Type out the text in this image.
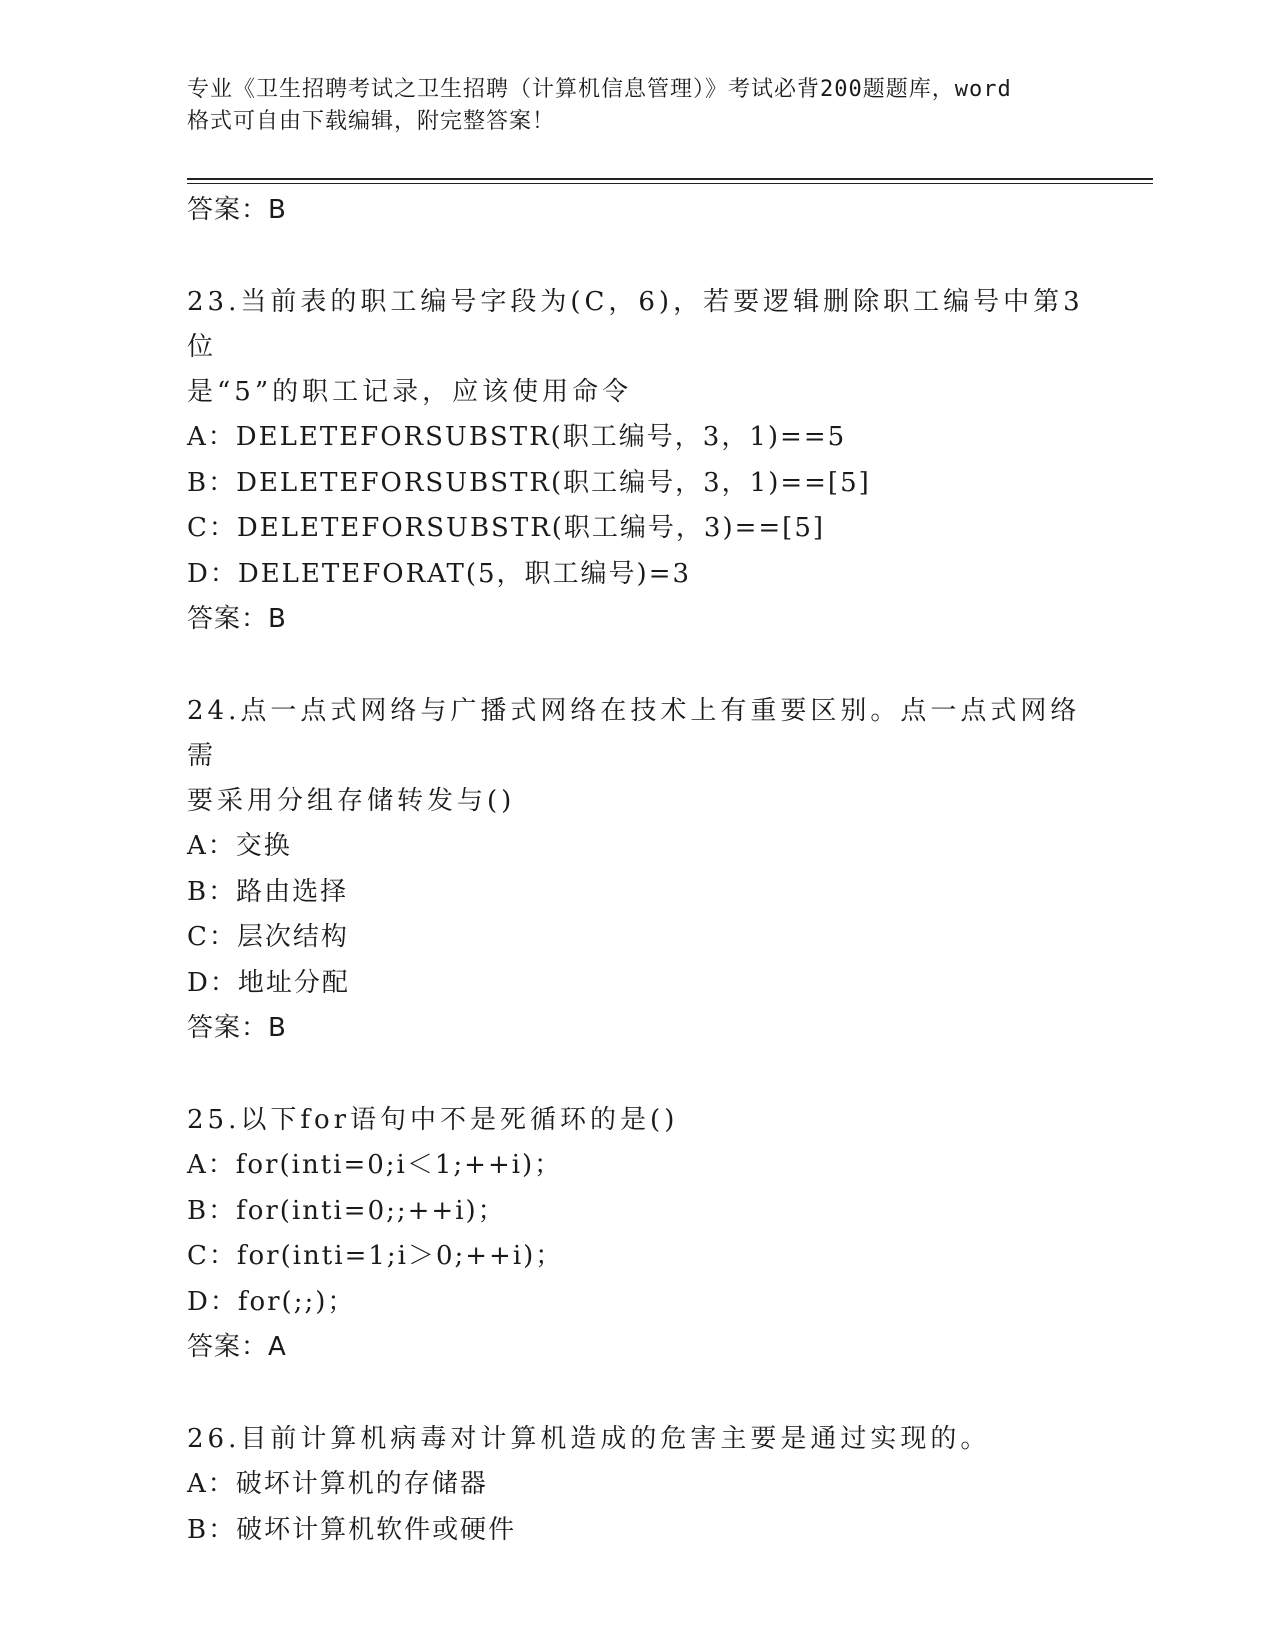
专业《卫生招聘考试之卫生招聘（计算机信息管理）》考试必背200题题库，word
格式可自由下载编辑，附完整答案！
答案：B
23.当前表的职工编号字段为(C，6)，若要逻辑删除职工编号中第3位
是“5”的职工记录，应该使用命令
A：DELETEFORSUBSTR(职工编号，3，1)==5
B：DELETEFORSUBSTR(职工编号，3，1)==[5]
C：DELETEFORSUBSTR(职工编号，3)==[5]
D：DELETEFORAT(5，职工编号)=3
答案：B
24.点一点式网络与广播式网络在技术上有重要区别。点一点式网络需
要采用分组存储转发与()
A：交换
B：路由选择
C：层次结构
D：地址分配
答案：B
25.以下for语句中不是死循环的是()
A：for(inti=0;i＜1;++i)；
B：for(inti=0;;++i)；
C：for(inti=1;i＞0;++i)；
D：for(;;)；
答案：A
26.目前计算机病毒对计算机造成的危害主要是通过实现的。
A：破坏计算机的存储器
B：破坏计算机软件或硬件
